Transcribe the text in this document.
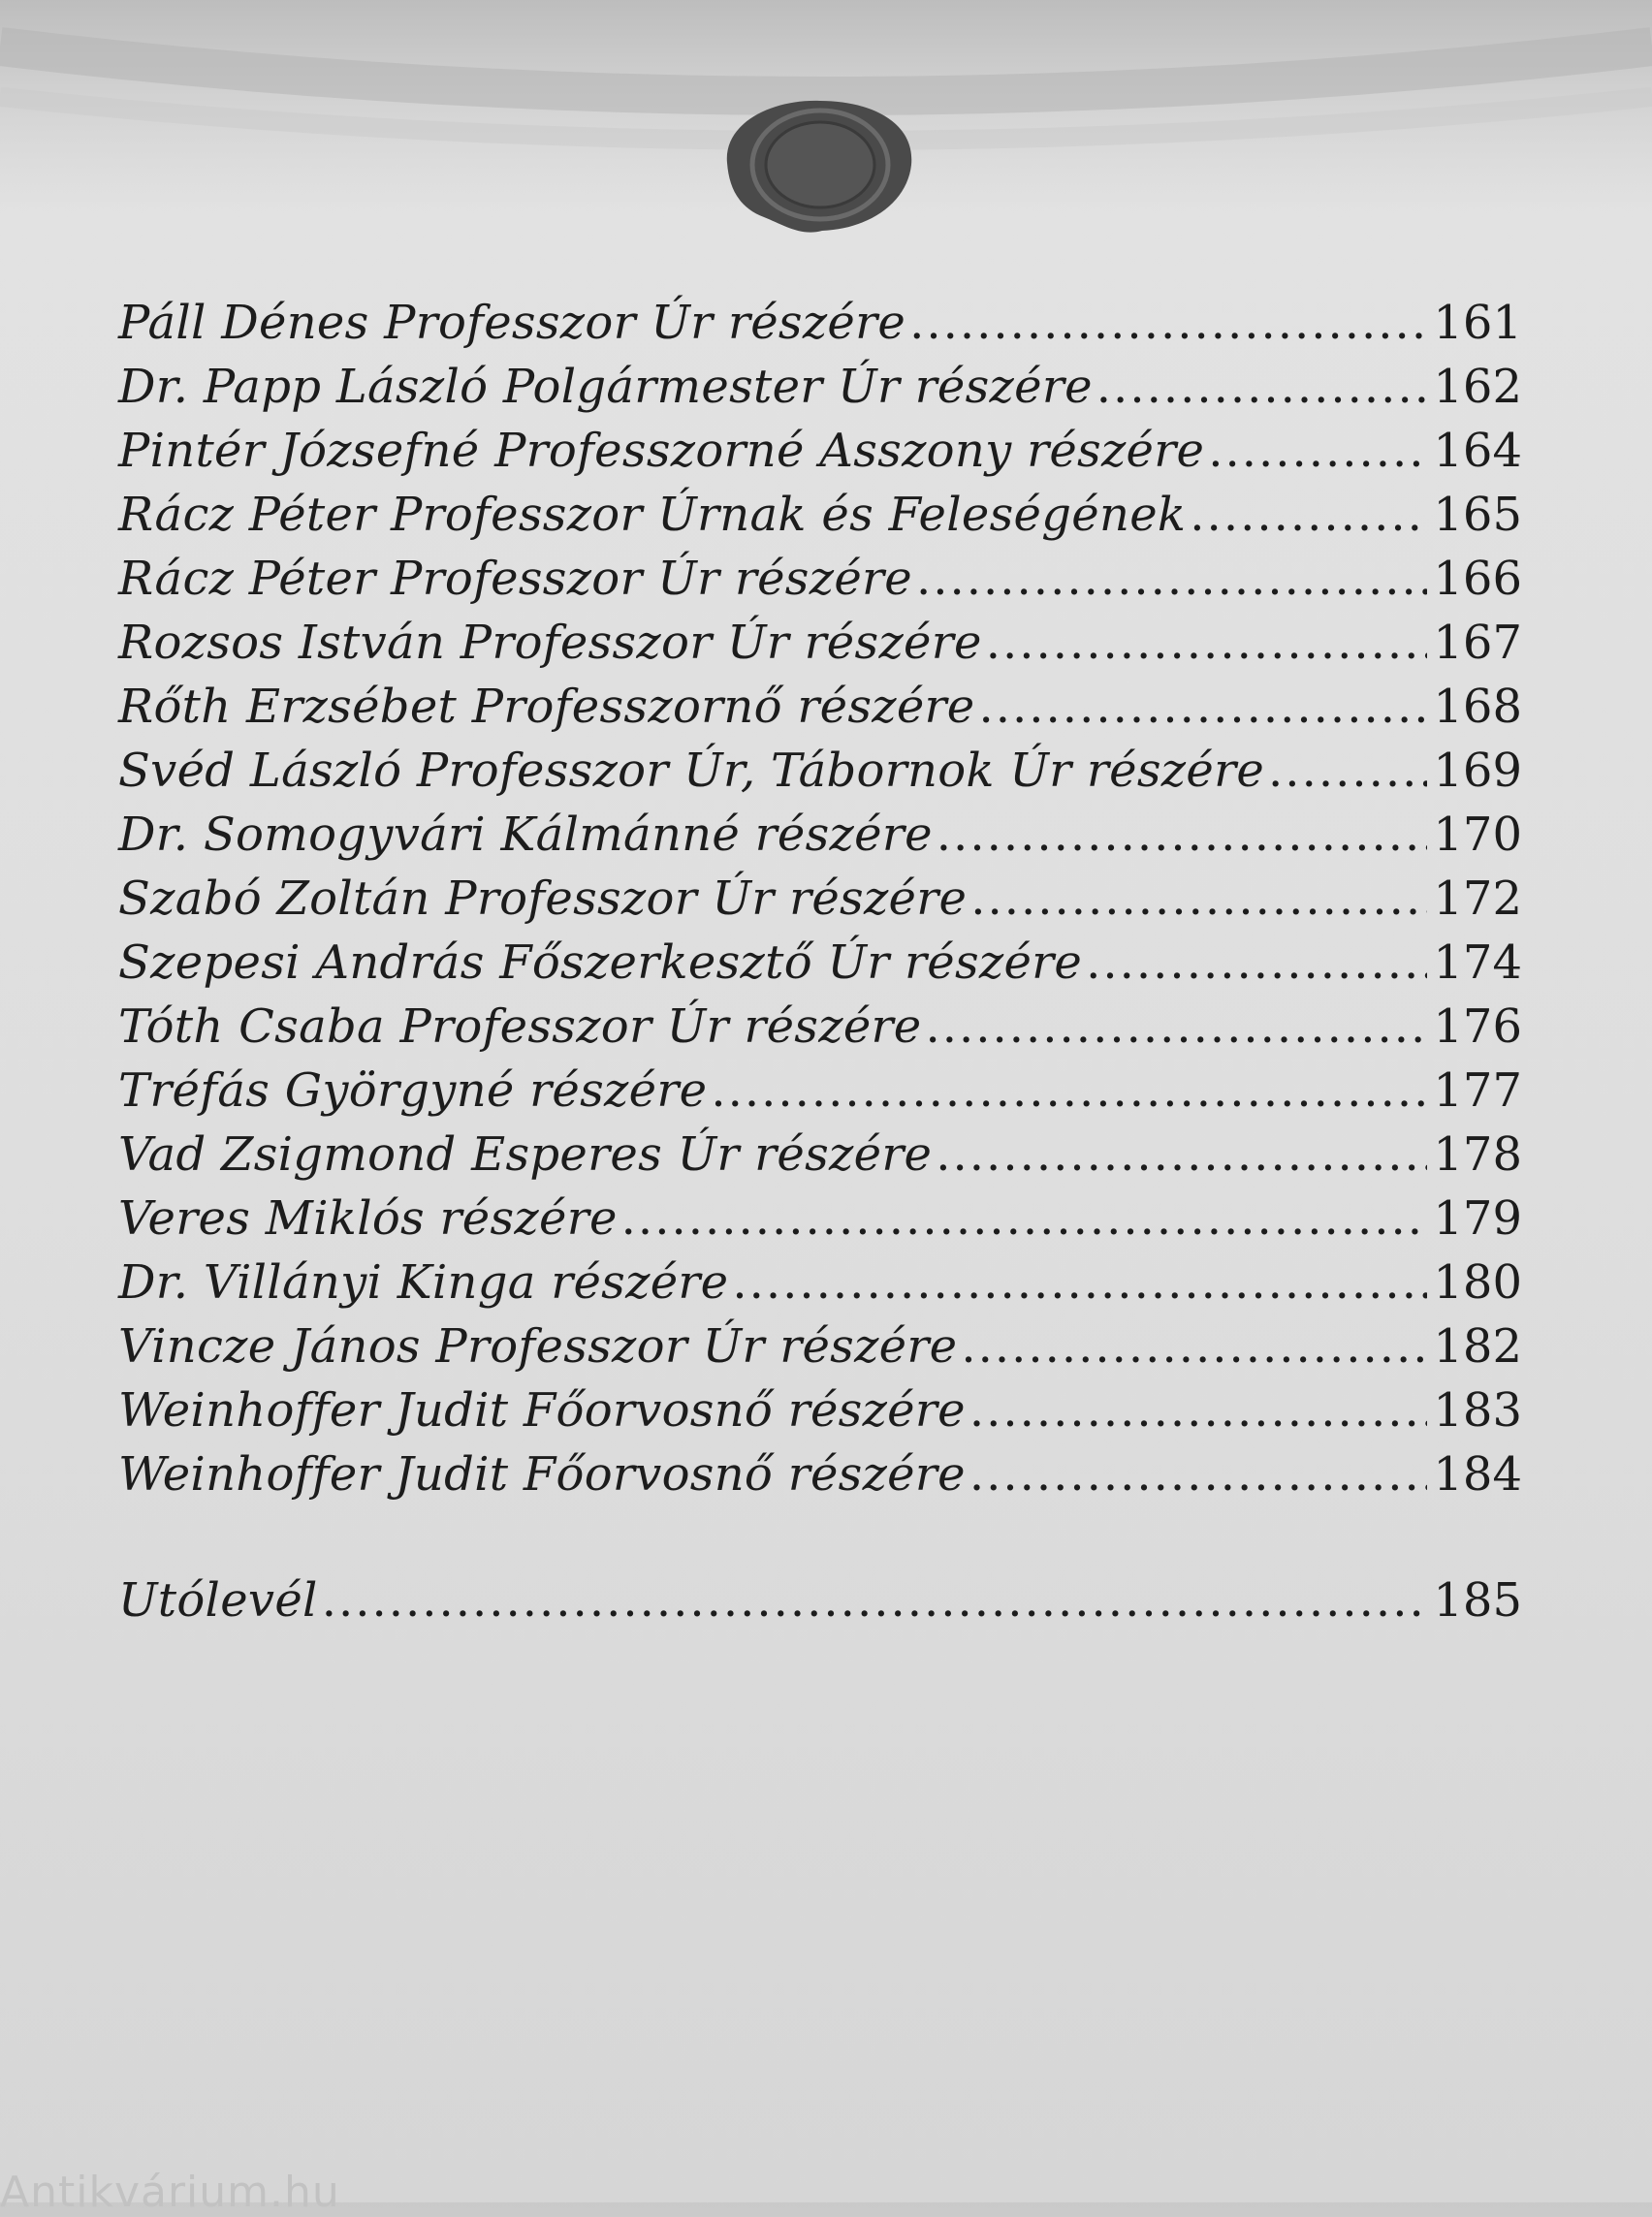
Páll Dénes Professzor Úr részére .....	161
Dr. Papp László Polgármester Úr részére .....	162
Pintér Józsefné Professzorné Asszony részére .....	164
Rácz Péter Professzor Úrnak és Feleségének .....	165
Rácz Péter Professzor Úr részére .....	166
Rozsos István Professzor Úr részére .....	167
Rőth Erzsébet Professzornő részére .....	168
Svéd László Professzor Úr, Tábornok Úr részére .....	169
Dr. Somogyvári Kálmánné részére .....	170
Szabó Zoltán Professzor Úr részére .....	172
Szepesi András Főszerkesztő Úr részére .....	174
Tóth Csaba Professzor Úr részére .....	176
Tréfás Györgyné részére .....	177
Vad Zsigmond Esperes Úr részére .....	178
Veres Miklós részére .....	179
Dr. Villányi Kinga részére .....	180
Vincze János Professzor Úr részére .....	182
Weinhoffer Judit Főorvosnő részére .....	183
Weinhoffer Judit Főorvosnő részére .....	184
Utólevél .....	185
Antikvárium.hu
